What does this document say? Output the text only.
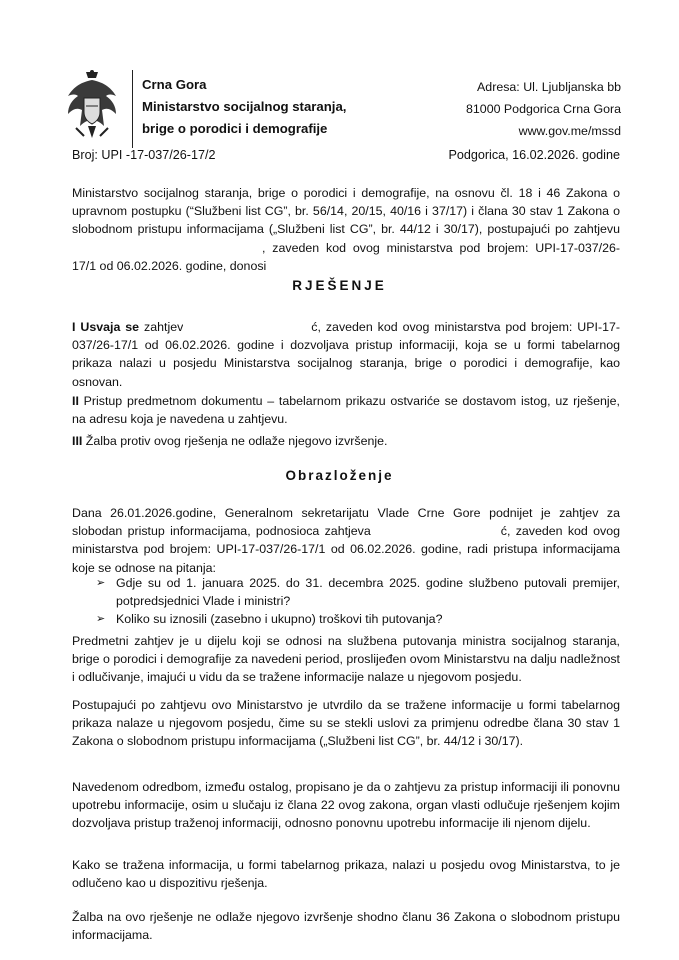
Crna Gora
Ministarstvo socijalnog staranja,
brige o porodici i demografije
Adresa: Ul. Ljubljanska bb
81000 Podgorica Crna Gora
www.gov.me/mssd
Broj: UPI -17-037/26-17/2	Podgorica, 16.02.2026. godine
Ministarstvo socijalnog staranja, brige o porodici i demografije, na osnovu čl. 18 i 46 Zakona o upravnom postupku (“Službeni list CG”, br. 56/14, 20/15, 40/16 i 37/17) i člana 30 stav 1 Zakona o slobodnom pristupu informacijama („Službeni list CG”, br. 44/12 i 30/17), postupajući po zahtjevu , zaveden kod ovog ministarstva pod brojem: UPI-17-037/26-17/1 od 06.02.2026. godine, donosi
RJEŠENJE
I Usvaja se zahtjev	ć, zaveden kod ovog ministarstva pod brojem: UPI-17-037/26-17/1 od 06.02.2026. godine i dozvoljava pristup informaciji, koja se u formi tabelarnog prikaza nalazi u posjedu Ministarstva socijalnog staranja, brige o porodici i demografije, kao osnovan.
II Pristup predmetnom dokumentu – tabelarnom prikazu ostvariće se dostavom istog, uz rješenje, na adresu koja je navedena u zahtjevu.
III Žalba protiv ovog rješenja ne odlaže njegovo izvršenje.
Obrazloženje
Dana 26.01.2026.godine, Generalnom sekretarijatu Vlade Crne Gore podnijet je zahtjev za slobodan pristup informacijama, podnosioca zahtjeva	ć, zaveden kod ovog ministarstva pod brojem: UPI-17-037/26-17/1 od 06.02.2026. godine, radi pristupa informacijama koje se odnose na pitanja:
➢ Gdje su od 1. januara 2025. do 31. decembra 2025. godine službeno putovali premijer, potpredsjednici Vlade i ministri?
➢ Koliko su iznosili (zasebno i ukupno) troškovi tih putovanja?
Predmetni zahtjev je u dijelu koji se odnosi na službena putovanja ministra socijalnog staranja, brige o porodici i demografije za navedeni period, proslijeđen ovom Ministarstvu na dalju nadležnost i odlučivanje, imajući u vidu da se tražene informacije nalaze u njegovom posjedu.
Postupajući po zahtjevu ovo Ministarstvo je utvrdilo da se tražene informacije u formi tabelarnog prikaza nalaze u njegovom posjedu, čime su se stekli uslovi za primjenu odredbe člana 30 stav 1 Zakona o slobodnom pristupu informacijama („Službeni list CG”, br. 44/12 i 30/17).
Navedenom odredbom, između ostalog, propisano je da o zahtjevu za pristup informaciji ili ponovnu upotrebu informacije, osim u slučaju iz člana 22 ovog zakona, organ vlasti odlučuje rješenjem kojim dozvoljava pristup traženoj informaciji, odnosno ponovnu upotrebu informacije ili njenom dijelu.
Kako se tražena informacija, u formi tabelarnog prikaza, nalazi u posjedu ovog Ministarstva, to je odlučeno kao u dispozitivu rješenja.
Žalba na ovo rješenje ne odlaže njegovo izvršenje shodno članu 36 Zakona o slobodnom pristupu informacijama.
